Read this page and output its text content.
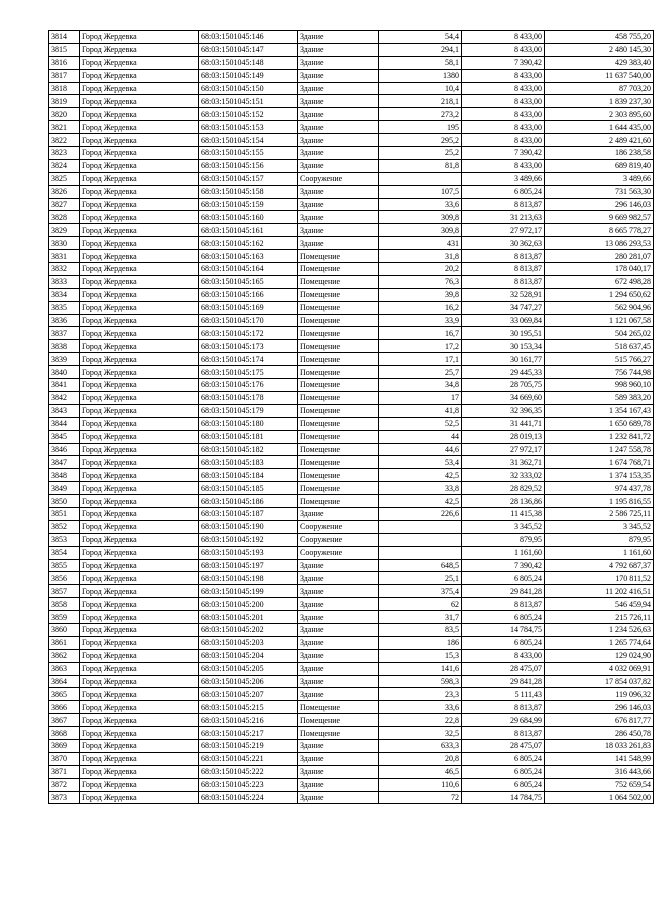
3814	Город Жердевка	68:03:1501045:146	Здание	54,4	8 433,00	458 755,20
3815	Город Жердевка	68:03:1501045:147	Здание	294,1	8 433,00	2 480 145,30
3816	Город Жердевка	68:03:1501045:148	Здание	58,1	7 390,42	429 383,40
3817	Город Жердевка	68:03:1501045:149	Здание	1380	8 433,00	11 637 540,00
3818	Город Жердевка	68:03:1501045:150	Здание	10,4	8 433,00	87 703,20
3819	Город Жердевка	68:03:1501045:151	Здание	218,1	8 433,00	1 839 237,30
3820	Город Жердевка	68:03:1501045:152	Здание	273,2	8 433,00	2 303 895,60
3821	Город Жердевка	68:03:1501045:153	Здание	195	8 433,00	1 644 435,00
3822	Город Жердевка	68:03:1501045:154	Здание	295,2	8 433,00	2 489 421,60
3823	Город Жердевка	68:03:1501045:155	Здание	25,2	7 390,42	186 238,58
3824	Город Жердевка	68:03:1501045:156	Здание	81,8	8 433,00	689 819,40
3825	Город Жердевка	68:03:1501045:157	Сооружение		3 489,66	3 489,66
3826	Город Жердевка	68:03:1501045:158	Здание	107,5	6 805,24	731 563,30
3827	Город Жердевка	68:03:1501045:159	Здание	33,6	8 813,87	296 146,03
3828	Город Жердевка	68:03:1501045:160	Здание	309,8	31 213,63	9 669 982,57
3829	Город Жердевка	68:03:1501045:161	Здание	309,8	27 972,17	8 665 778,27
3830	Город Жердевка	68:03:1501045:162	Здание	431	30 362,63	13 086 293,53
3831	Город Жердевка	68:03:1501045:163	Помещение	31,8	8 813,87	280 281,07
3832	Город Жердевка	68:03:1501045:164	Помещение	20,2	8 813,87	178 040,17
3833	Город Жердевка	68:03:1501045:165	Помещение	76,3	8 813,87	672 498,28
3834	Город Жердевка	68:03:1501045:166	Помещение	39,8	32 528,91	1 294 650,62
3835	Город Жердевка	68:03:1501045:169	Помещение	16,2	34 747,27	562 904,96
3836	Город Жердевка	68:03:1501045:170	Помещение	33,9	33 069,84	1 121 067,58
3837	Город Жердевка	68:03:1501045:172	Помещение	16,7	30 195,51	504 265,02
3838	Город Жердевка	68:03:1501045:173	Помещение	17,2	30 153,34	518 637,45
3839	Город Жердевка	68:03:1501045:174	Помещение	17,1	30 161,77	515 766,27
3840	Город Жердевка	68:03:1501045:175	Помещение	25,7	29 445,33	756 744,98
3841	Город Жердевка	68:03:1501045:176	Помещение	34,8	28 705,75	998 960,10
3842	Город Жердевка	68:03:1501045:178	Помещение	17	34 669,60	589 383,20
3843	Город Жердевка	68:03:1501045:179	Помещение	41,8	32 396,35	1 354 167,43
3844	Город Жердевка	68:03:1501045:180	Помещение	52,5	31 441,71	1 650 689,78
3845	Город Жердевка	68:03:1501045:181	Помещение	44	28 019,13	1 232 841,72
3846	Город Жердевка	68:03:1501045:182	Помещение	44,6	27 972,17	1 247 558,78
3847	Город Жердевка	68:03:1501045:183	Помещение	53,4	31 362,71	1 674 768,71
3848	Город Жердевка	68:03:1501045:184	Помещение	42,5	32 333,02	1 374 153,35
3849	Город Жердевка	68:03:1501045:185	Помещение	33,8	28 829,52	974 437,78
3850	Город Жердевка	68:03:1501045:186	Помещение	42,5	28 136,86	1 195 816,55
3851	Город Жердевка	68:03:1501045:187	Здание	226,6	11 415,38	2 586 725,11
3852	Город Жердевка	68:03:1501045:190	Сооружение		3 345,52	3 345,52
3853	Город Жердевка	68:03:1501045:192	Сооружение		879,95	879,95
3854	Город Жердевка	68:03:1501045:193	Сооружение		1 161,60	1 161,60
3855	Город Жердевка	68:03:1501045:197	Здание	648,5	7 390,42	4 792 687,37
3856	Город Жердевка	68:03:1501045:198	Здание	25,1	6 805,24	170 811,52
3857	Город Жердевка	68:03:1501045:199	Здание	375,4	29 841,28	11 202 416,51
3858	Город Жердевка	68:03:1501045:200	Здание	62	8 813,87	546 459,94
3859	Город Жердевка	68:03:1501045:201	Здание	31,7	6 805,24	215 726,11
3860	Город Жердевка	68:03:1501045:202	Здание	83,5	14 784,75	1 234 526,63
3861	Город Жердевка	68:03:1501045:203	Здание	186	6 805,24	1 265 774,64
3862	Город Жердевка	68:03:1501045:204	Здание	15,3	8 433,00	129 024,90
3863	Город Жердевка	68:03:1501045:205	Здание	141,6	28 475,07	4 032 069,91
3864	Город Жердевка	68:03:1501045:206	Здание	598,3	29 841,28	17 854 037,82
3865	Город Жердевка	68:03:1501045:207	Здание	23,3	5 111,43	119 096,32
3866	Город Жердевка	68:03:1501045:215	Помещение	33,6	8 813,87	296 146,03
3867	Город Жердевка	68:03:1501045:216	Помещение	22,8	29 684,99	676 817,77
3868	Город Жердевка	68:03:1501045:217	Помещение	32,5	8 813,87	286 450,78
3869	Город Жердевка	68:03:1501045:219	Здание	633,3	28 475,07	18 033 261,83
3870	Город Жердевка	68:03:1501045:221	Здание	20,8	6 805,24	141 548,99
3871	Город Жердевка	68:03:1501045:222	Здание	46,5	6 805,24	316 443,66
3872	Город Жердевка	68:03:1501045:223	Здание	110,6	6 805,24	752 659,54
3873	Город Жердевка	68:03:1501045:224	Здание	72	14 784,75	1 064 502,00
